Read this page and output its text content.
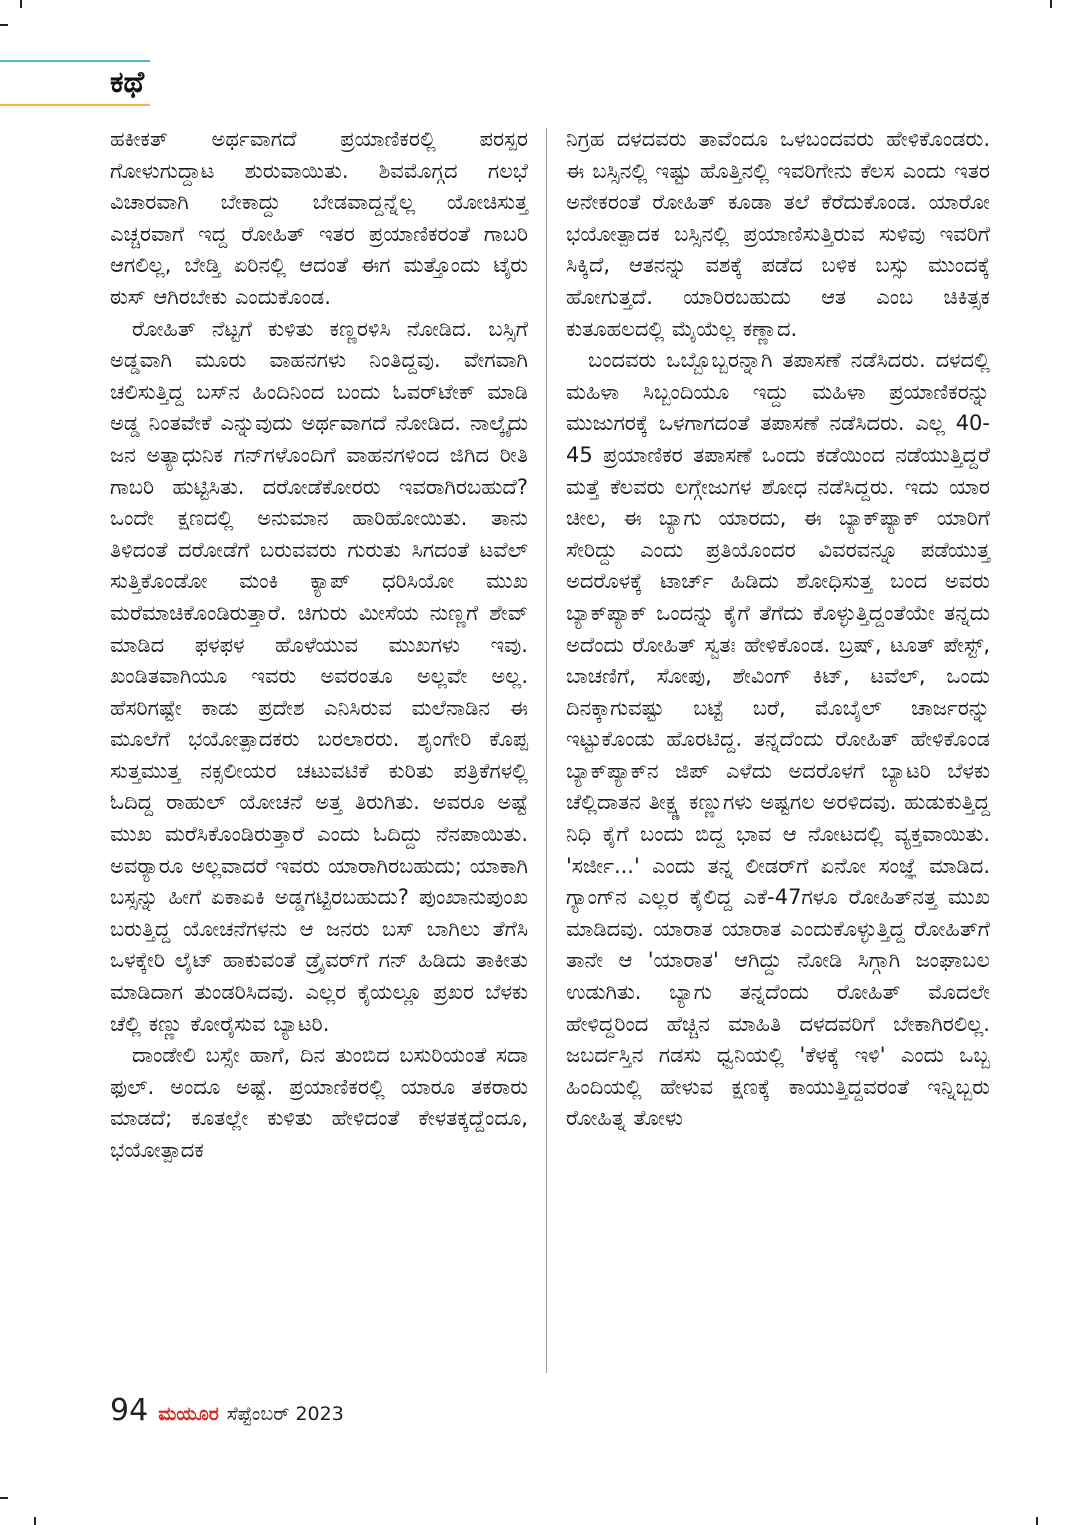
ಕಥೆ

ಹಕೀಕತ್ ಅರ್ಥವಾಗದೆ ಪ್ರಯಾಣಿಕರಲ್ಲಿ ಪರಸ್ಪರ ಗೋಳುಗುದ್ದಾಟ ಶುರುವಾಯಿತು. ಶಿವಮೊಗ್ಗದ ಗಲಭೆ ವಿಚಾರವಾಗಿ ಬೇಕಾದ್ದು ಬೇಡವಾದ್ದನ್ನೆಲ್ಲ ಯೋಚಿಸುತ್ತ ಎಚ್ಚರವಾಗೆ ಇದ್ದ ರೋಹಿತ್ ಇತರ ಪ್ರಯಾಣಿಕರಂತೆ ಗಾಬರಿ ಆಗಲಿಲ್ಲ, ಬೇಡ್ತಿ ಏರಿನಲ್ಲಿ ಆದಂತೆ ಈಗ ಮತ್ತೊಂದು ಟೈರು ಠುಸ್ ಆಗಿರಬೇಕು ಎಂದುಕೊಂಡ.

ರೋಹಿತ್ ನೆಟ್ಟಗೆ ಕುಳಿತು ಕಣ್ಣರಳಿಸಿ ನೋಡಿದ. ಬಸ್ಸಿಗೆ ಅಡ್ಡವಾಗಿ ಮೂರು ವಾಹನಗಳು ನಿಂತಿದ್ದವು. ವೇಗವಾಗಿ ಚಲಿಸುತ್ತಿದ್ದ ಬಸ್‌ನ ಹಿಂದಿನಿಂದ ಬಂದು ಓವರ್‌ಟೇಕ್ ಮಾಡಿ ಅಡ್ಡ ನಿಂತವೇಕೆ ಎನ್ನುವುದು ಅರ್ಥವಾಗದೆ ನೋಡಿದ. ನಾಲ್ಕೈದು ಜನ ಅತ್ಯಾಧುನಿಕ ಗನ್‌ಗಳೊಂದಿಗೆ ವಾಹನಗಳಿಂದ ಜಿಗಿದ ರೀತಿ ಗಾಬರಿ ಹುಟ್ಟಿಸಿತು. ದರೋಡೆಕೋರರು ಇವರಾಗಿರಬಹುದೆ? ಒಂದೇ ಕ್ಷಣದಲ್ಲಿ ಅನುಮಾನ ಹಾರಿಹೋಯಿತು. ತಾನು ತಿಳಿದಂತೆ ದರೋಡೆಗೆ ಬರುವವರು ಗುರುತು ಸಿಗದಂತೆ ಟವೆಲ್ ಸುತ್ತಿಕೊಂಡೋ ಮಂಕಿ ಕ್ಯಾಪ್ ಧರಿಸಿಯೋ ಮುಖ ಮರೆಮಾಚಿಕೊಂಡಿರುತ್ತಾರೆ. ಚಿಗುರು ಮೀಸೆಯ ನುಣ್ಣಗೆ ಶೇವ್ ಮಾಡಿದ ಫಳಫಳ ಹೊಳೆಯುವ ಮುಖಗಳು ಇವು. ಖಂಡಿತವಾಗಿಯೂ ಇವರು ಅವರಂತೂ ಅಲ್ಲವೇ ಅಲ್ಲ. ಹೆಸರಿಗಷ್ಟೇ ಕಾಡು ಪ್ರದೇಶ ಎನಿಸಿರುವ ಮಲೆನಾಡಿನ ಈ ಮೂಲೆಗೆ ಭಯೋತ್ಪಾದಕರು ಬರಲಾರರು. ಶೃಂಗೇರಿ ಕೊಪ್ಪ ಸುತ್ತಮುತ್ತ ನಕ್ಸಲೀಯರ ಚಟುವಟಿಕೆ ಕುರಿತು ಪತ್ರಿಕೆಗಳಲ್ಲಿ ಓದಿದ್ದ ರಾಹುಲ್ ಯೋಚನೆ ಅತ್ತ ತಿರುಗಿತು. ಅವರೂ ಅಷ್ಟೆ ಮುಖ ಮರೆಸಿಕೊಂಡಿರುತ್ತಾರೆ ಎಂದು ಓದಿದ್ದು ನೆನಪಾಯಿತು. ಅವರ್‍ಯಾರೂ ಅಲ್ಲವಾದರೆ ಇವರು ಯಾರಾಗಿರಬಹುದು; ಯಾಕಾಗಿ ಬಸ್ಸನ್ನು ಹೀಗೆ ಏಕಾಏಕಿ ಅಡ್ಡಗಟ್ಟಿರಬಹುದು? ಪುಂಖಾನುಪುಂಖ ಬರುತ್ತಿದ್ದ ಯೋಚನೆಗಳನು ಆ ಜನರು ಬಸ್ ಬಾಗಿಲು ತೆಗೆಸಿ ಒಳಕ್ಕೇರಿ ಲೈಟ್ ಹಾಕುವಂತೆ ಡ್ರೈವರ್‌ಗೆ ಗನ್ ಹಿಡಿದು ತಾಕೀತು ಮಾಡಿದಾಗ ತುಂಡರಿಸಿದವು. ಎಲ್ಲರ ಕೈಯಲ್ಲೂ ಪ್ರಖರ ಬೆಳಕು ಚೆಲ್ಲಿ ಕಣ್ಣು ಕೋರೈಸುವ ಬ್ಯಾಟರಿ.

ದಾಂಡೇಲಿ ಬಸ್ಸೇ ಹಾಗೆ, ದಿನ ತುಂಬಿದ ಬಸುರಿಯಂತೆ ಸದಾ ಫುಲ್. ಅಂದೂ ಅಷ್ಟೆ. ಪ್ರಯಾಣಿಕರಲ್ಲಿ ಯಾರೂ ತಕರಾರು ಮಾಡದೆ; ಕೂತಲ್ಲೇ ಕುಳಿತು ಹೇಳಿದಂತೆ ಕೇಳತಕ್ಕದ್ದೆಂದೂ, ಭಯೋತ್ಪಾದಕ

ನಿಗ್ರಹ ದಳದವರು ತಾವೆಂದೂ ಒಳಬಂದವರು ಹೇಳಿಕೊಂಡರು. ಈ ಬಸ್ಸಿನಲ್ಲಿ ಇಷ್ಟು ಹೊತ್ತಿನಲ್ಲಿ ಇವರಿಗೇನು ಕೆಲಸ ಎಂದು ಇತರ ಅನೇಕರಂತೆ ರೋಹಿತ್ ಕೂಡಾ ತಲೆ ಕೆರೆದುಕೊಂಡ. ಯಾರೋ ಭಯೋತ್ಪಾದಕ ಬಸ್ಸಿನಲ್ಲಿ ಪ್ರಯಾಣಿಸುತ್ತಿರುವ ಸುಳಿವು ಇವರಿಗೆ ಸಿಕ್ಕಿದೆ, ಆತನನ್ನು ವಶಕ್ಕೆ ಪಡೆದ ಬಳಿಕ ಬಸ್ಸು ಮುಂದಕ್ಕೆ ಹೋಗುತ್ತದೆ. ಯಾರಿರಬಹುದು ಆತ ಎಂಬ ಚಿಕಿತ್ಸಕ ಕುತೂಹಲದಲ್ಲಿ ಮೈಯೆಲ್ಲ ಕಣ್ಣಾದ.

ಬಂದವರು ಒಬ್ಬೊಬ್ಬರನ್ನಾಗಿ ತಪಾಸಣೆ ನಡೆಸಿದರು. ದಳದಲ್ಲಿ ಮಹಿಳಾ ಸಿಬ್ಬಂದಿಯೂ ಇದ್ದು ಮಹಿಳಾ ಪ್ರಯಾಣಿಕರನ್ನು ಮುಜುಗರಕ್ಕೆ ಒಳಗಾಗದಂತೆ ತಪಾಸಣೆ ನಡೆಸಿದರು. ಎಲ್ಲ 40-45 ಪ್ರಯಾಣಿಕರ ತಪಾಸಣೆ ಒಂದು ಕಡೆಯಿಂದ ನಡೆಯುತ್ತಿದ್ದರೆ ಮತ್ತೆ ಕೆಲವರು ಲಗ್ಗೇಜುಗಳ ಶೋಧ ನಡೆಸಿದ್ದರು. ಇದು ಯಾರ ಚೀಲ, ಈ ಬ್ಯಾಗು ಯಾರದು, ಈ ಬ್ಯಾಕ್‌ಪ್ಯಾಕ್ ಯಾರಿಗೆ ಸೇರಿದ್ದು ಎಂದು ಪ್ರತಿಯೊಂದರ ವಿವರವನ್ನೂ ಪಡೆಯುತ್ತ ಅದರೊಳಕ್ಕೆ ಟಾರ್ಚ್ ಹಿಡಿದು ಶೋಧಿಸುತ್ತ ಬಂದ ಅವರು ಬ್ಯಾಕ್‌ಪ್ಯಾಕ್ ಒಂದನ್ನು ಕೈಗೆ ತೆಗೆದು ಕೊಳ್ಳುತ್ತಿದ್ದಂತೆಯೇ ತನ್ನದು ಅದೆಂದು ರೋಹಿತ್ ಸ್ವತಃ ಹೇಳಿಕೊಂಡ. ಬ್ರಷ್, ಟೂತ್ ಪೇಸ್ಟ್, ಬಾಚಣಿಗೆ, ಸೋಪು, ಶೇವಿಂಗ್ ಕಿಟ್, ಟವೆಲ್, ಒಂದು ದಿನಕ್ಕಾಗುವಷ್ಟು ಬಟ್ಟೆ ಬರೆ, ಮೊಬೈಲ್ ಚಾರ್ಜರನ್ನು ಇಟ್ಟುಕೊಂಡು ಹೊರಟಿದ್ದ. ತನ್ನದೆಂದು ರೋಹಿತ್ ಹೇಳಿಕೊಂಡ ಬ್ಯಾಕ್‌ಪ್ಯಾಕ್‌ನ ಜಿಪ್ ಎಳೆದು ಅದರೊಳಗೆ ಬ್ಯಾಟರಿ ಬೆಳಕು ಚೆಲ್ಲಿದಾತನ ತೀಕ್ಷ್ಣ ಕಣ್ಣುಗಳು ಅಷ್ಟಗಲ ಅರಳಿದವು. ಹುಡುಕುತ್ತಿದ್ದ ನಿಧಿ ಕೈಗೆ ಬಂದು ಬಿದ್ದ ಭಾವ ಆ ನೋಟದಲ್ಲಿ ವ್ಯಕ್ತವಾಯಿತು. 'ಸರ್ಜೀ...' ಎಂದು ತನ್ನ ಲೀಡರ್‌ಗೆ ಏನೋ ಸಂಜ್ಞೆ ಮಾಡಿದ. ಗ್ಯಾಂಗ್‌ನ ಎಲ್ಲರ ಕೈಲಿದ್ದ ಎಕೆ-47ಗಳೂ ರೋಹಿತ್‌ನತ್ತ ಮುಖ ಮಾಡಿದವು. ಯಾರಾತ ಯಾರಾತ ಎಂದುಕೊಳ್ಳುತ್ತಿದ್ದ ರೋಹಿತ್‌ಗೆ ತಾನೇ ಆ 'ಯಾರಾತ' ಆಗಿದ್ದು ನೋಡಿ ಸಿಗ್ಗಾಗಿ ಜಂಘಾಬಲ ಉಡುಗಿತು. ಬ್ಯಾಗು ತನ್ನದೆಂದು ರೋಹಿತ್ ಮೊದಲೇ ಹೇಳಿದ್ದರಿಂದ ಹೆಚ್ಚಿನ ಮಾಹಿತಿ ದಳದವರಿಗೆ ಬೇಕಾಗಿರಲಿಲ್ಲ. ಜಬರ್ದಸ್ತಿನ ಗಡಸು ಧ್ವನಿಯಲ್ಲಿ 'ಕೆಳಕ್ಕೆ ಇಳಿ' ಎಂದು ಒಬ್ಬ ಹಿಂದಿಯಲ್ಲಿ ಹೇಳುವ ಕ್ಷಣಕ್ಕೆ ಕಾಯುತ್ತಿದ್ದವರಂತೆ ಇನ್ನಿಬ್ಬರು ರೋಹಿತ್ನ ತೋಳು

94 ಮಯೂರ ಸೆಪ್ಟೆಂಬರ್ 2023
